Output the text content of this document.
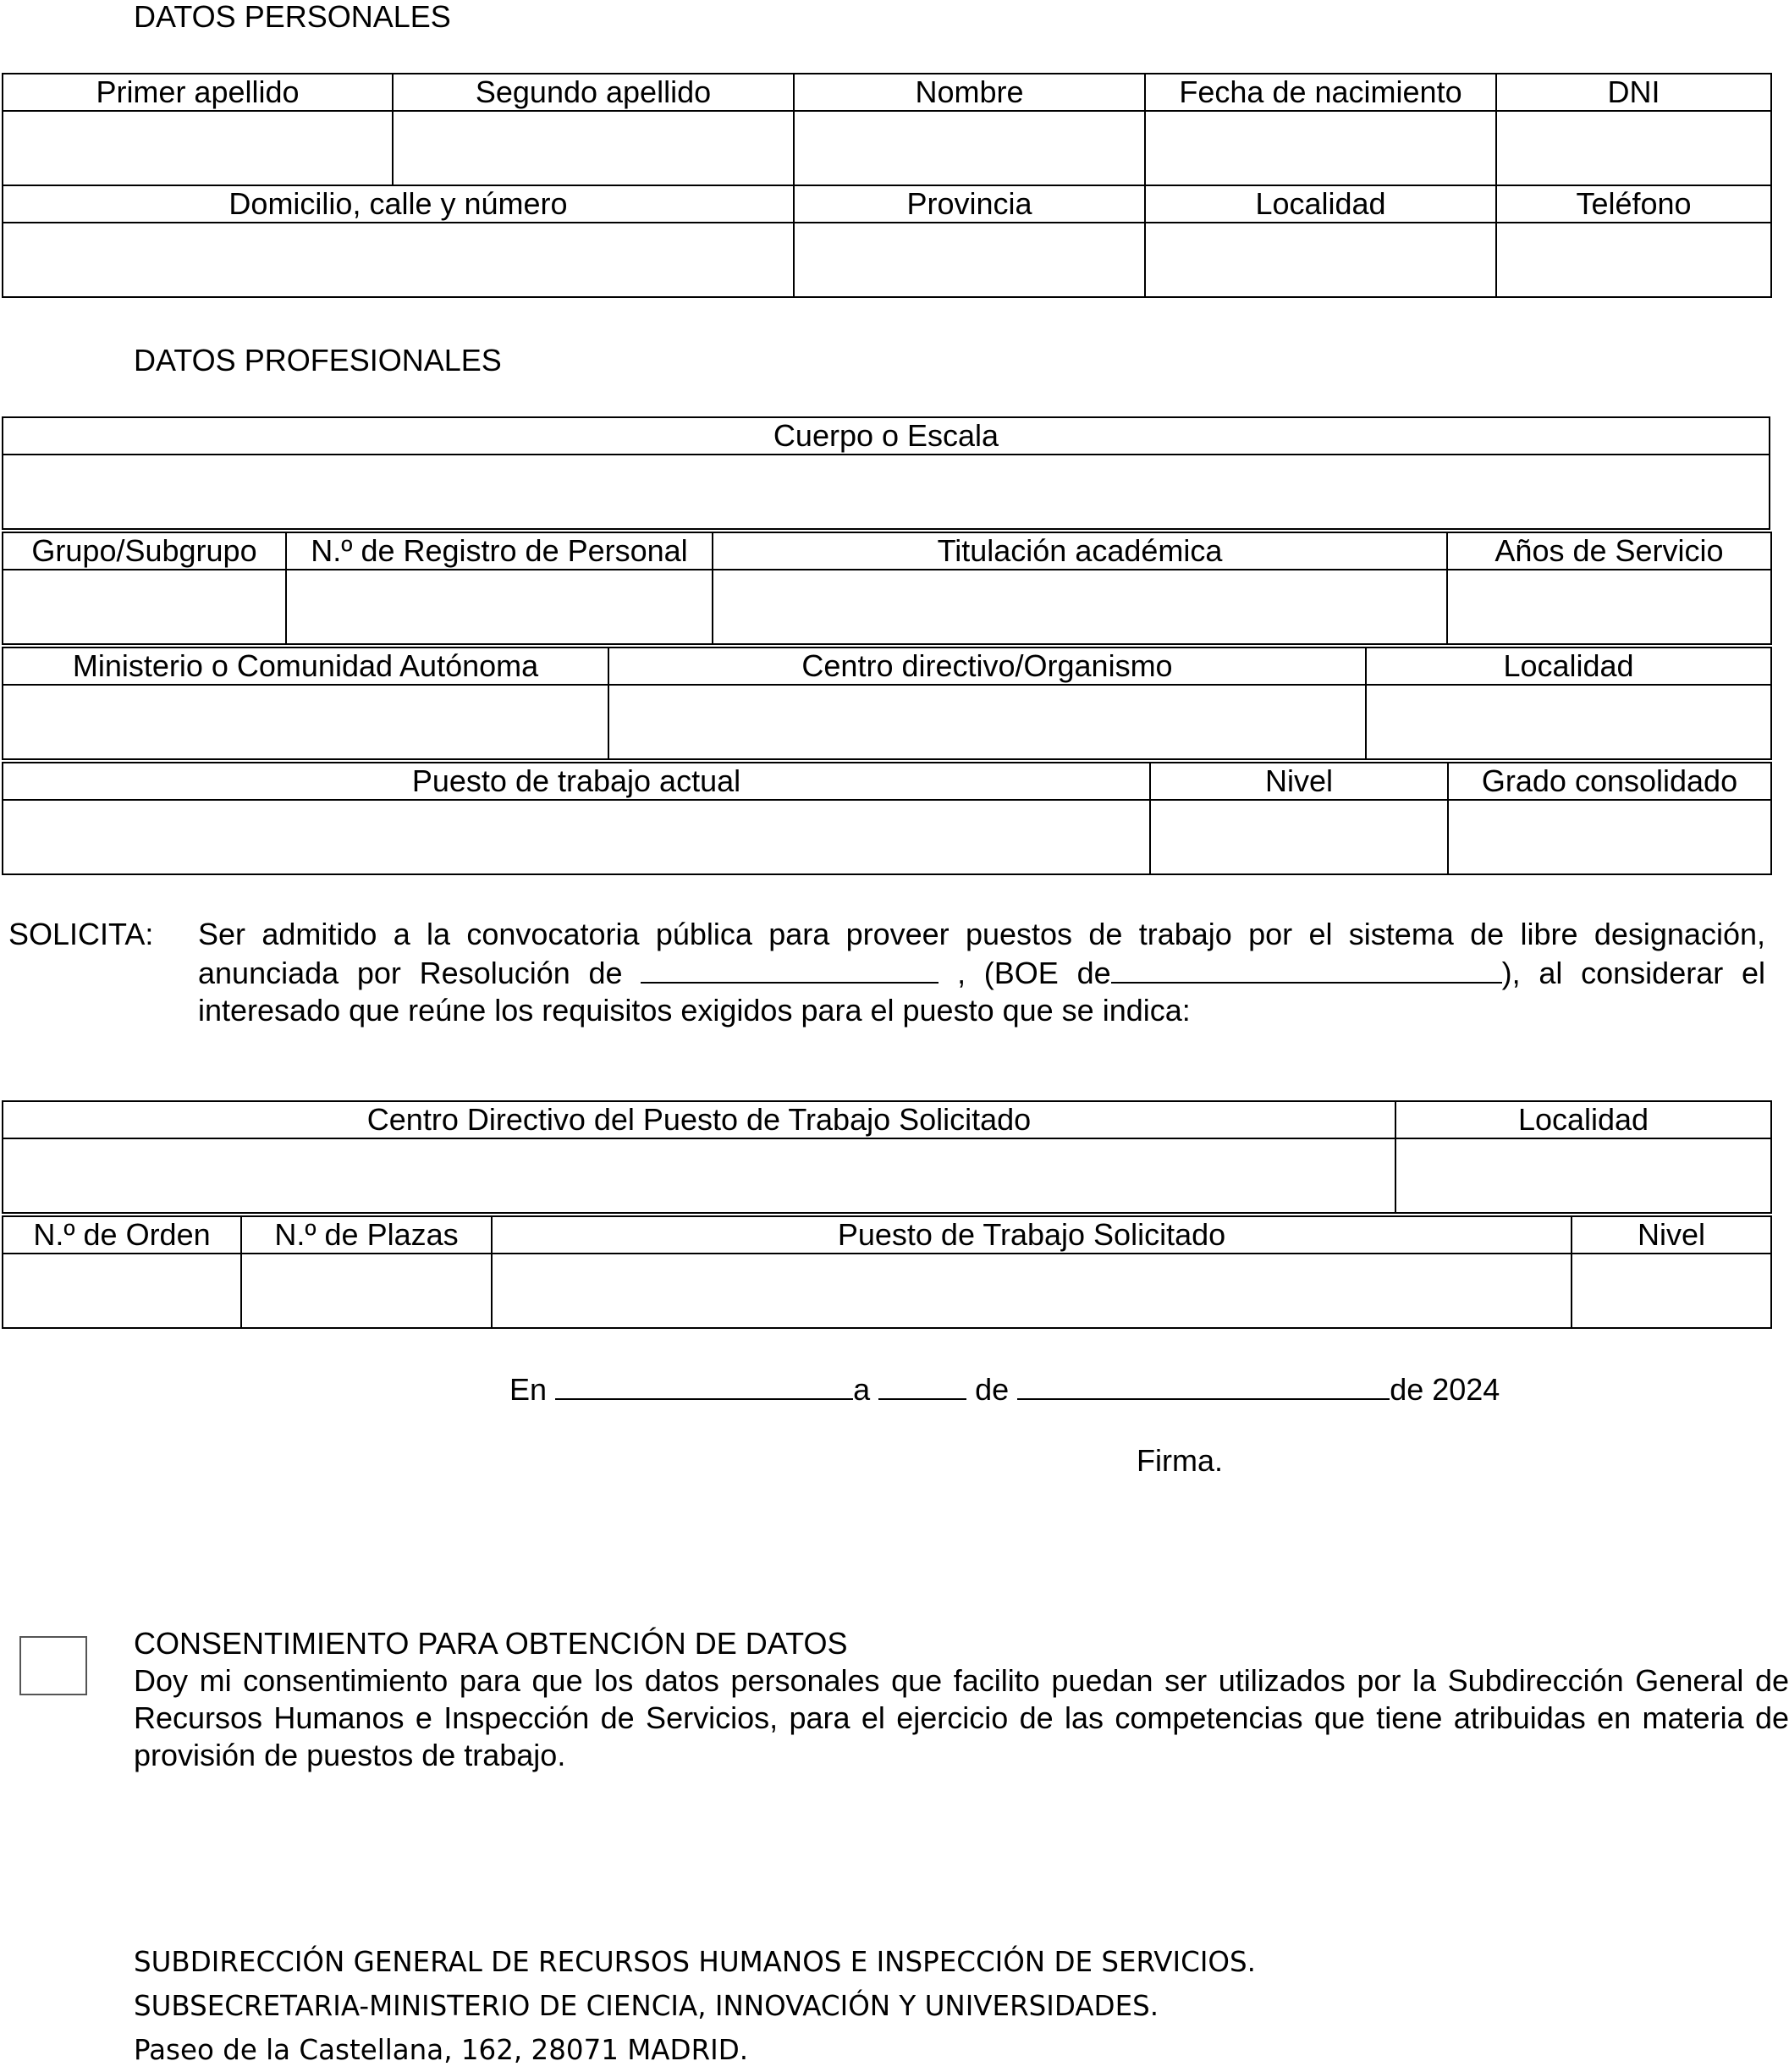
DATOS PERSONALES
Primer apellido	Segundo apellido	Nombre	Fecha de nacimiento	DNI

Domicilio, calle y número		Provincia	Localidad	Teléfono

DATOS PROFESIONALES
Cuerpo o Escala

Grupo/Subgrupo	N.º de Registro de Personal	Titulación académica	Años de Servicio

Ministerio o Comunidad Autónoma	Centro directivo/Organismo	Localidad

Puesto de trabajo actual	Nivel	Grado consolidado

SOLICITA: Ser admitido a la convocatoria pública para proveer puestos de trabajo por el sistema de libre designación,
anunciada por Resolución de	, (BOE de	), al considerar el
interesado que reúne los requisitos exigidos para el puesto que se indica:
Centro Directivo del Puesto de Trabajo Solicitado	Localidad

N.º de Orden	N.º de Plazas	Puesto de Trabajo Solicitado	Nivel

En	a	de	de 2024
Firma.
CONSENTIMIENTO PARA OBTENCIÓN DE DATOS
Doy mi consentimiento para que los datos personales que facilito puedan ser utilizados por la Subdirección General de Recursos Humanos e Inspección de Servicios, para el ejercicio de las competencias que tiene atribuidas en materia de provisión de puestos de trabajo.
SUBDIRECCIÓN GENERAL DE RECURSOS HUMANOS E INSPECCIÓN DE SERVICIOS.
SUBSECRETARIA-MINISTERIO DE CIENCIA, INNOVACIÓN Y UNIVERSIDADES.
Paseo de la Castellana, 162, 28071 MADRID.
